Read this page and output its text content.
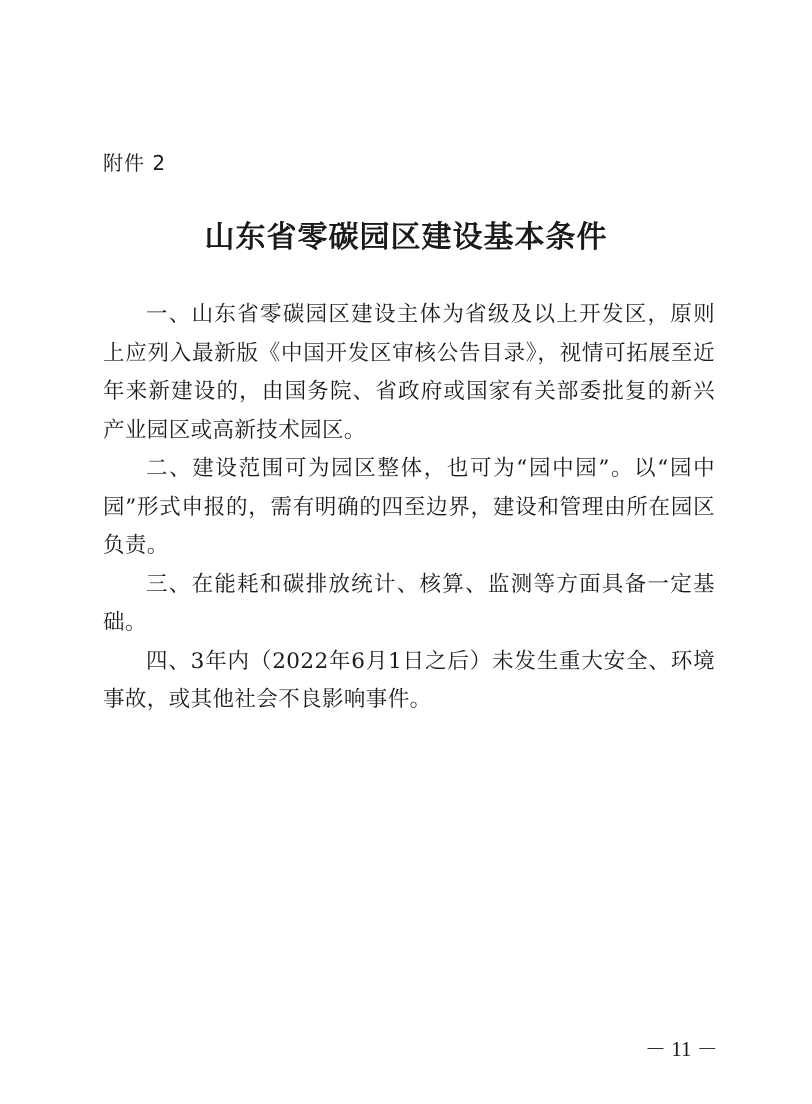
附件 2
山东省零碳园区建设基本条件

一、山东省零碳园区建设主体为省级及以上开发区，原则上应列入最新版《中国开发区审核公告目录》，视情可拓展至近年来新建设的，由国务院、省政府或国家有关部委批复的新兴产业园区或高新技术园区。

二、建设范围可为园区整体，也可为“园中园”。以“园中园”形式申报的，需有明确的四至边界，建设和管理由所在园区负责。

三、在能耗和碳排放统计、核算、监测等方面具备一定基础。

四、3年内（2022年6月1日之后）未发生重大安全、环境事故，或其他社会不良影响事件。

－ 11 －
